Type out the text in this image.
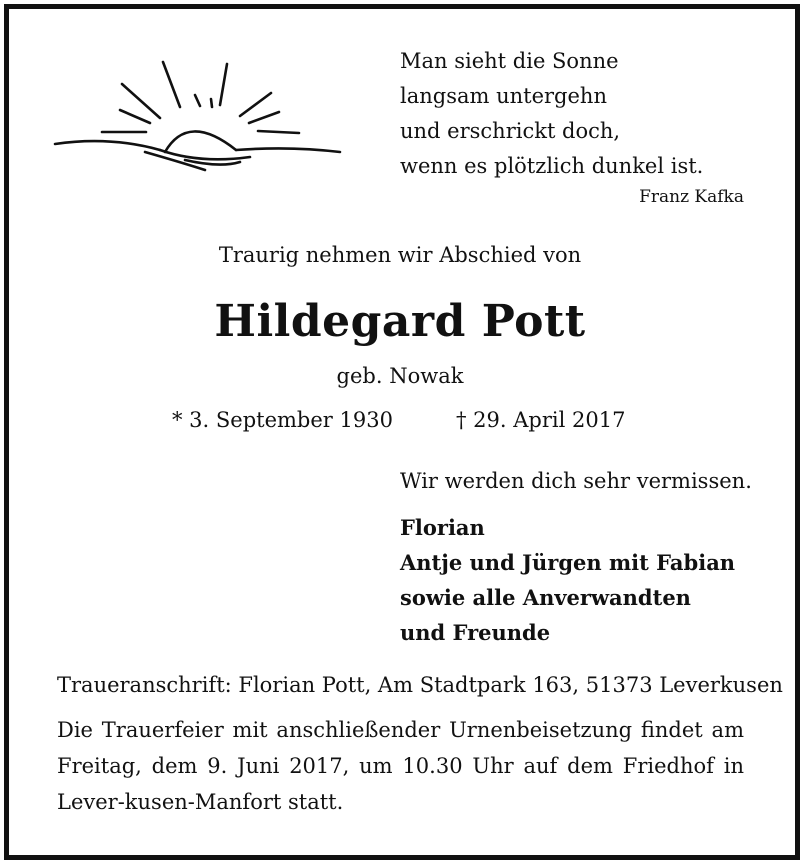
Man sieht die Sonne
langsam untergehn
und erschrickt doch,
wenn es plötzlich dunkel ist.
Franz Kafka
Traurig nehmen wir Abschied von
Hildegard Pott
geb. Nowak
* 3. September 1930	† 29. April 2017
Wir werden dich sehr vermissen.
Florian
Antje und Jürgen mit Fabian
sowie alle Anverwandten
und Freunde
Traueranschrift: Florian Pott, Am Stadtpark 163, 51373 Leverkusen
Die Trauerfeier mit anschließender Urnenbeisetzung findet am Freitag, dem 9. Juni 2017, um 10.30 Uhr auf dem Friedhof in Lever-kusen-Manfort statt.
